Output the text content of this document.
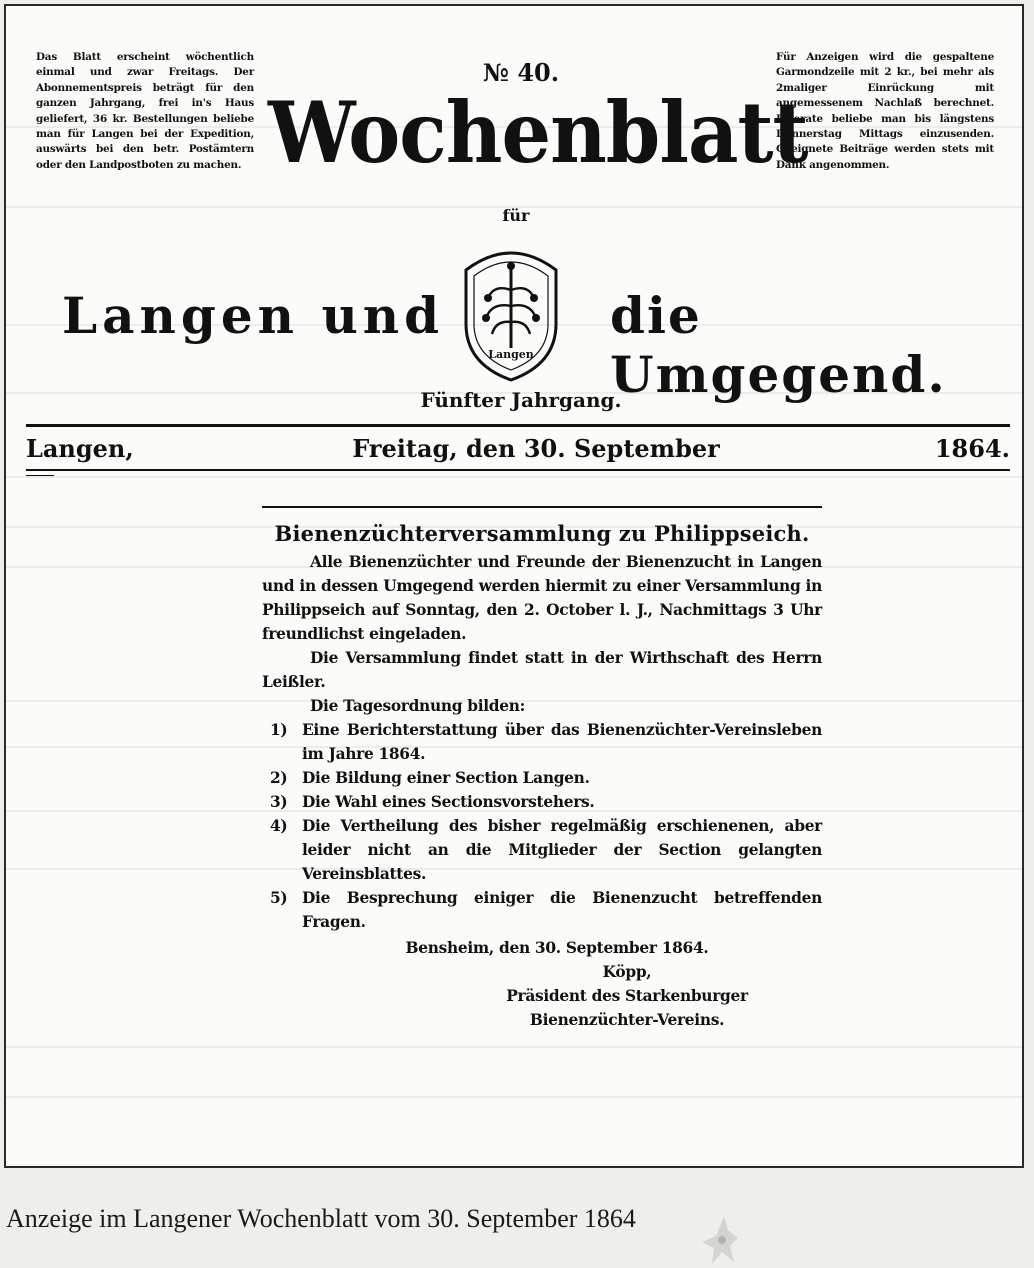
Das Blatt erscheint wöchentlich einmal und zwar Freitags. Der Abonnementspreis beträgt für den ganzen Jahrgang, frei in's Haus geliefert, 36 kr. Bestellungen beliebe man für Langen bei der Expedition, auswärts bei den betr. Postämtern oder den Landpostboten zu machen.
Für Anzeigen wird die gespaltene Garmondzeile mit 2 kr., bei mehr als 2maliger Einrückung mit angemessenem Nachlaß berechnet. Inserate beliebe man bis längstens Donnerstag Mittags einzusenden. Geeignete Beiträge werden stets mit Dank angenommen.
№ 40.
Wochenblatt
für
Langen und	die Umgegend.
Langen
Fünfter Jahrgang.
Langen,	Freitag, den 30. September	1864.
Bienenzüchterversammlung zu Philippseich.

Alle Bienenzüchter und Freunde der Bienenzucht in Langen und in dessen Umgegend werden hiermit zu einer Versammlung in Philippseich auf Sonntag, den 2. October l. J., Nachmittags 3 Uhr freundlichst eingeladen.

Die Versammlung findet statt in der Wirthschaft des Herrn Leißler.

Die Tagesordnung bilden:
1) Eine Berichterstattung über das Bienenzüchter-Vereinsleben im Jahre 1864.
2) Die Bildung einer Section Langen.
3) Die Wahl eines Sectionsvorstehers.
4) Die Vertheilung des bisher regelmäßig erschienenen, aber leider nicht an die Mitglieder der Section gelangten Vereinsblattes.
5) Die Besprechung einiger die Bienenzucht betreffenden Fragen.
Bensheim, den 30. September 1864.
Köpp,
Präsident des Starkenburger
Bienenzüchter-Vereins.
Anzeige im Langener Wochenblatt vom 30. September 1864
